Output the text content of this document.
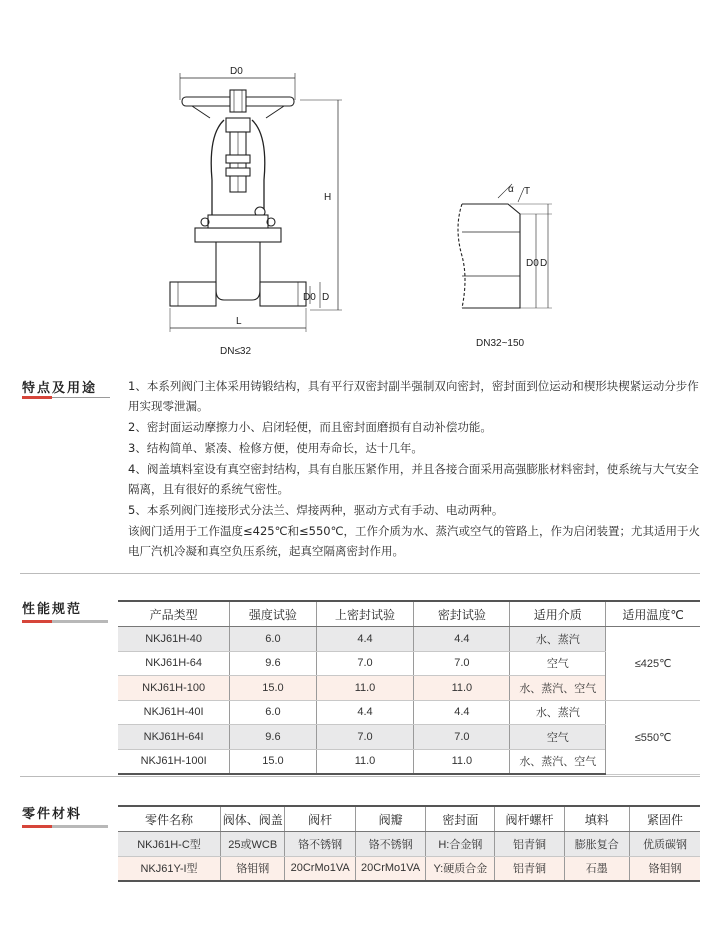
D0
H
D0 D
L
DN≤32
α T
D0 D
DN32~150
特点及用途	1、本系列阀门主体采用铸锻结构，具有平行双密封副半强制双向密封，密封面到位运动和楔形块楔紧运动分步作用实现零泄漏。

2、密封面运动摩擦力小、启闭轻便，而且密封面磨损有自动补偿功能。

3、结构简单、紧凑、检修方便，使用寿命长，达十几年。

4、阀盖填料室设有真空密封结构，具有自胀压紧作用，并且各接合面采用高强膨胀材料密封，使系统与大气安全隔离，且有很好的系统气密性。

5、本系列阀门连接形式分法兰、焊接两种，驱动方式有手动、电动两种。

该阀门适用于工作温度≤425℃和≤550℃，工作介质为水、蒸汽或空气的管路上，作为启闭装置；尤其适用于火电厂汽机冷凝和真空负压系统，起真空隔离密封作用。

性能规范	产品类型	强度试验	上密封试验	密封试验	适用介质	适用温度℃
NKJ61H-40	6.0	4.4	4.4	水、蒸汽	≤425℃
NKJ61H-64	9.6	7.0	7.0	空气	
NKJ61H-100	15.0	11.0	11.0	水、蒸汽、空气	
NKJ61H-40I	6.0	4.4	4.4	水、蒸汽	≤550℃
NKJ61H-64I	9.6	7.0	7.0	空气	
NKJ61H-100I	15.0	11.0	11.0	水、蒸汽、空气	
零件材料	零件名称	阀体、阀盖	阀杆	阀瓣	密封面	阀杆螺杆	填料	紧固件
NKJ61H-C型	25或WCB	铬不锈钢	铬不锈钢	H:合金钢	铝青铜	膨胀复合	优质碳钢
NKJ61Y-I型	铬钼钢	20CrMo1VA	20CrMo1VA	Y:硬质合金	铝青铜	石墨	铬钼钢
